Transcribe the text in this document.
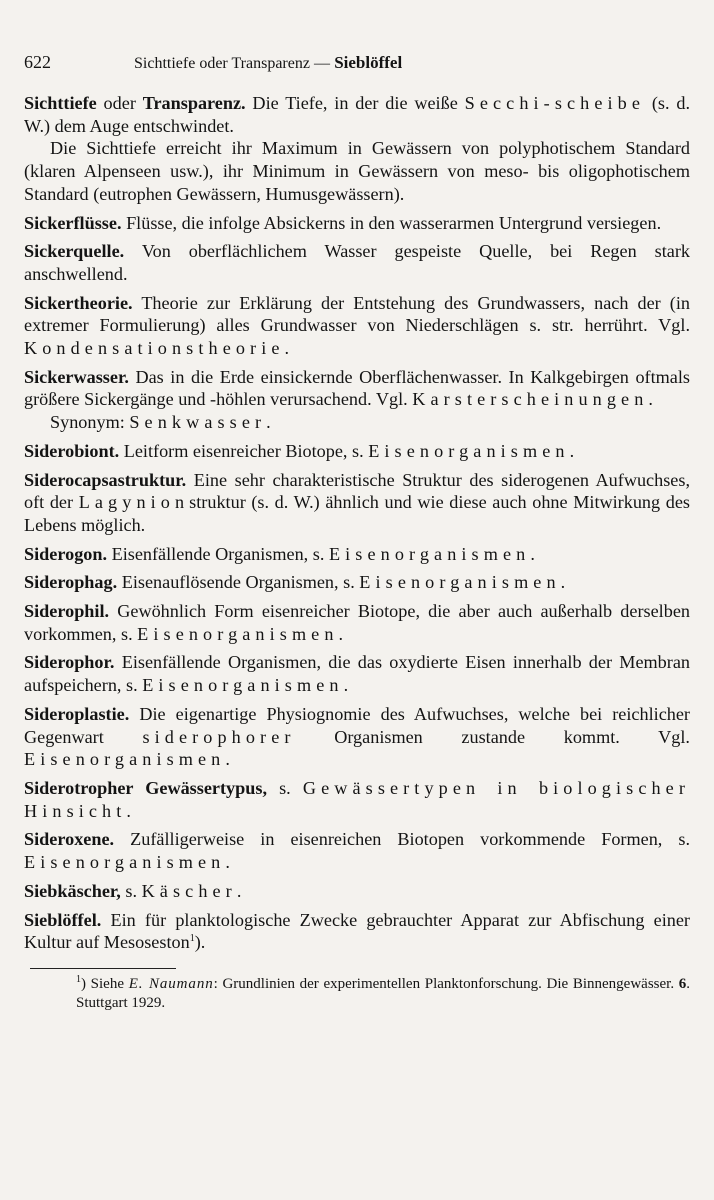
622	Sichttiefe oder Transparenz — Sieblöffel

Sichttiefe oder Transparenz. Die Tiefe, in der die weiße Secchi-scheibe (s. d. W.) dem Auge entschwindet.

Die Sichttiefe erreicht ihr Maximum in Gewässern von polyphotischem Standard (klaren Alpenseen usw.), ihr Minimum in Gewässern von meso- bis oligophotischem Standard (eutrophen Gewässern, Humusgewässern).

Sickerflüsse. Flüsse, die infolge Absickerns in den wasserarmen Untergrund versiegen.

Sickerquelle. Von oberflächlichem Wasser gespeiste Quelle, bei Regen stark anschwellend.

Sickertheorie. Theorie zur Erklärung der Entstehung des Grundwassers, nach der (in extremer Formulierung) alles Grundwasser von Niederschlägen s. str. herrührt. Vgl. Kondensationstheorie.

Sickerwasser. Das in die Erde einsickernde Oberflächenwasser. In Kalkgebirgen oftmals größere Sickergänge und -höhlen verursachend. Vgl. Karsterscheinungen.

Synonym: Senkwasser.

Siderobiont. Leitform eisenreicher Biotope, s. Eisenorganismen.

Siderocapsastruktur. Eine sehr charakteristische Struktur des siderogenen Aufwuchses, oft der Lagynionstruktur (s. d. W.) ähnlich und wie diese auch ohne Mitwirkung des Lebens möglich.

Siderogon. Eisenfällende Organismen, s. Eisenorganismen.

Siderophag. Eisenauflösende Organismen, s. Eisenorganismen.

Siderophil. Gewöhnlich Form eisenreicher Biotope, die aber auch außerhalb derselben vorkommen, s. Eisenorganismen.

Siderophor. Eisenfällende Organismen, die das oxydierte Eisen innerhalb der Membran aufspeichern, s. Eisenorganismen.

Sideroplastie. Die eigenartige Physiognomie des Aufwuchses, welche bei reichlicher Gegenwart siderophorer Organismen zustande kommt. Vgl. Eisenorganismen.

Siderotropher Gewässertypus, s. Gewässertypen in biologischer Hinsicht.

Sideroxene. Zufälligerweise in eisenreichen Biotopen vorkommende Formen, s. Eisenorganismen.

Siebkäscher, s. Käscher.

Sieblöffel. Ein für planktologische Zwecke gebrauchter Apparat zur Abfischung einer Kultur auf Mesoseston$^1$).

$^1$) Siehe E. Naumann: Grundlinien der experimentellen Planktonforschung. Die Binnengewässer. 6. Stuttgart 1929.
